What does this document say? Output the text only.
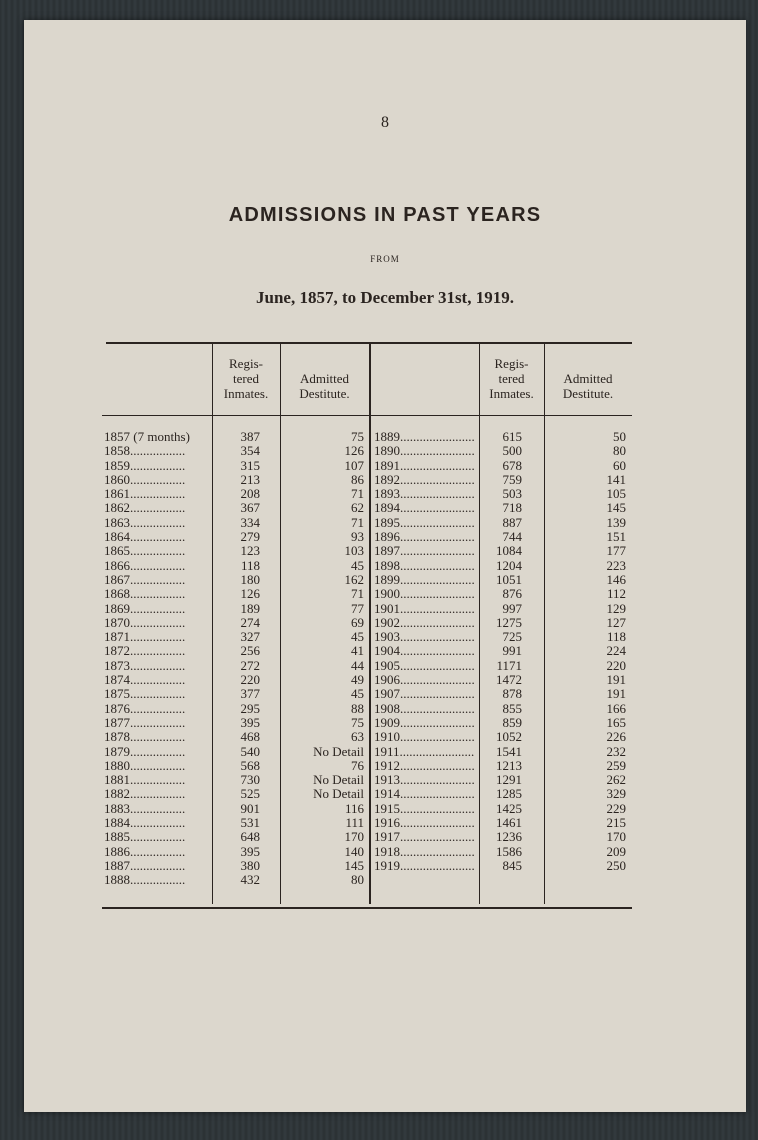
8
ADMISSIONS IN PAST YEARS
FROM
June, 1857, to December 31st, 1919.
Regis-
tered
Inmates.
Admitted
Destitute.
Regis-
tered
Inmates.
Admitted
Destitute.
1857 (7 months)
1858.................
1859.................
1860.................
1861.................
1862.................
1863.................
1864.................
1865.................
1866.................
1867.................
1868.................
1869.................
1870.................
1871.................
1872.................
1873.................
1874.................
1875.................
1876.................
1877.................
1878.................
1879.................
1880.................
1881.................
1882.................
1883.................
1884.................
1885.................
1886.................
1887.................
1888.................
387
354
315
213
208
367
334
279
123
118
180
126
189
274
327
256
272
220
377
295
395
468
540
568
730
525
901
531
648
395
380
432
75
126
107
86
71
62
71
93
103
45
162
71
77
69
45
41
44
49
45
88
75
63
No Detail
76
No Detail
No Detail
116
111
170
140
145
80
1889.......................
1890.......................
1891.......................
1892.......................
1893.......................
1894.......................
1895.......................
1896.......................
1897.......................
1898.......................
1899.......................
1900.......................
1901.......................
1902.......................
1903.......................
1904.......................
1905.......................
1906.......................
1907.......................
1908.......................
1909.......................
1910.......................
1911.......................
1912.......................
1913.......................
1914.......................
1915.......................
1916.......................
1917.......................
1918.......................
1919.......................
615
500
678
759
503
718
887
744
1084
1204
1051
876
997
1275
725
991
1171
1472
878
855
859
1052
1541
1213
1291
1285
1425
1461
1236
1586
845
50
80
60
141
105
145
139
151
177
223
146
112
129
127
118
224
220
191
191
166
165
226
232
259
262
329
229
215
170
209
250
